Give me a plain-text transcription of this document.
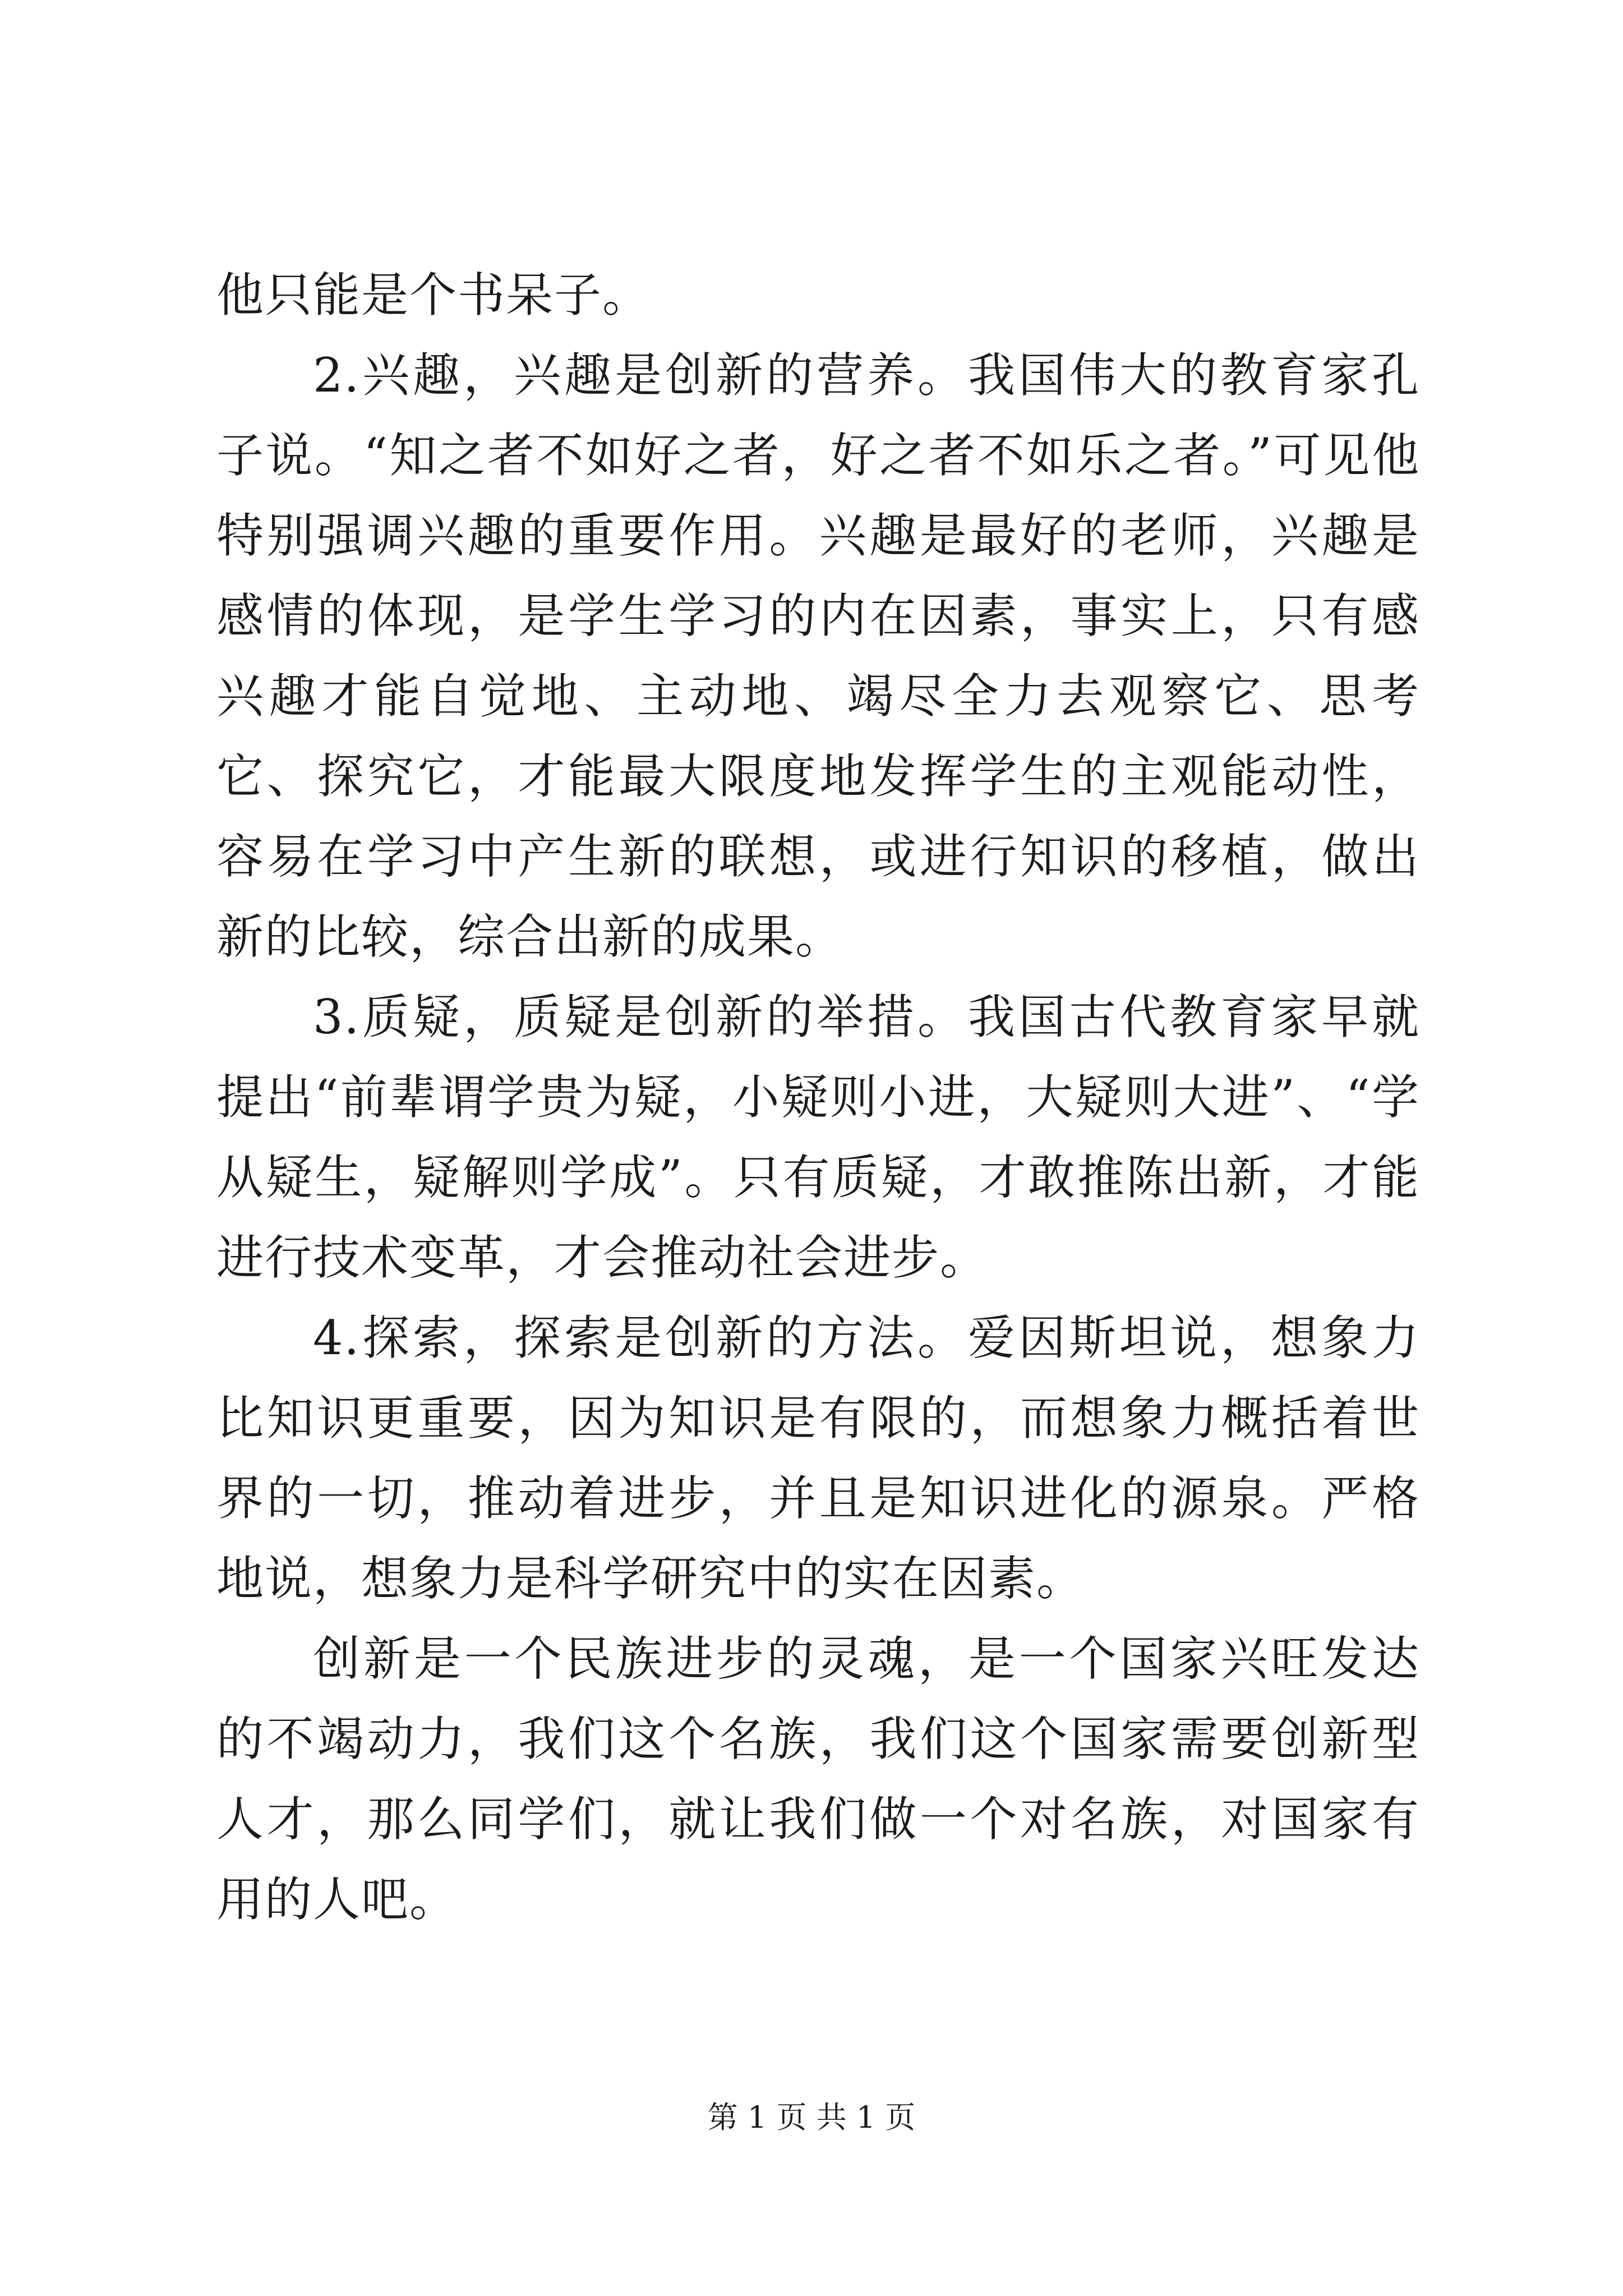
他只能是个书呆子。

2.兴趣，兴趣是创新的营养。我国伟大的教育家孔子说。“知之者不如好之者，好之者不如乐之者。”可见他特别强调兴趣的重要作用。兴趣是最好的老师，兴趣是感情的体现，是学生学习的内在因素，事实上，只有感兴趣才能自觉地、主动地、竭尽全力去观察它、思考它、探究它，才能最大限度地发挥学生的主观能动性，容易在学习中产生新的联想，或进行知识的移植，做出新的比较，综合出新的成果。

3.质疑，质疑是创新的举措。我国古代教育家早就提出“前辈谓学贵为疑，小疑则小进，大疑则大进”、“学从疑生，疑解则学成”。只有质疑，才敢推陈出新，才能进行技术变革，才会推动社会进步。

4.探索，探索是创新的方法。爱因斯坦说，想象力比知识更重要，因为知识是有限的，而想象力概括着世界的一切，推动着进步，并且是知识进化的源泉。严格地说，想象力是科学研究中的实在因素。

创新是一个民族进步的灵魂，是一个国家兴旺发达的不竭动力，我们这个名族，我们这个国家需要创新型人才，那么同学们，就让我们做一个对名族，对国家有用的人吧。

第 1 页 共 1 页
